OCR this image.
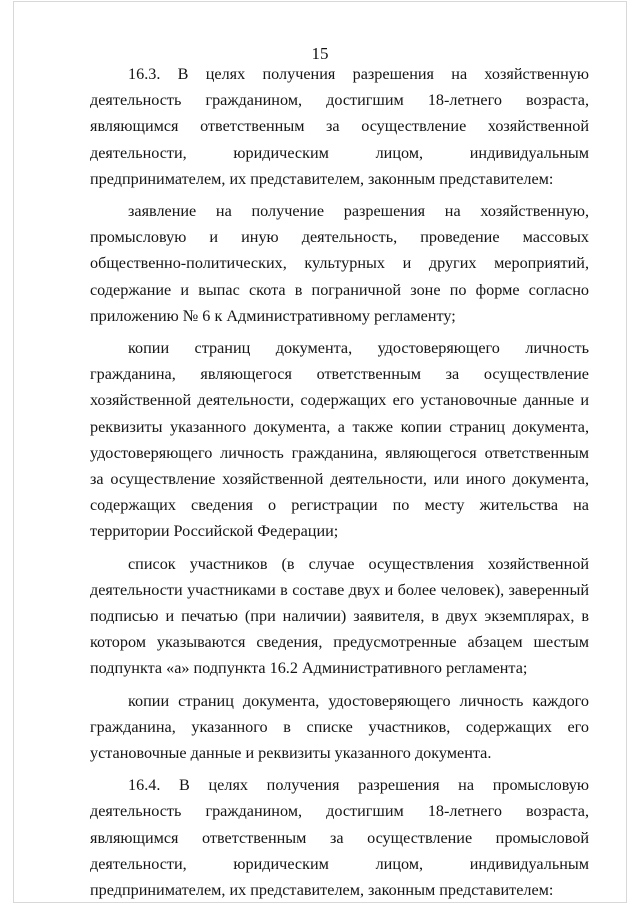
15

16.3. В целях получения разрешения на хозяйственную деятельность гражданином, достигшим 18-летнего возраста, являющимся ответственным за осуществление хозяйственной деятельности, юридическим лицом, индивидуальным предпринимателем, их представителем, законным представителем:

заявление на получение разрешения на хозяйственную, промысловую и иную деятельность, проведение массовых общественно-политических, культурных и других мероприятий, содержание и выпас скота в пограничной зоне по форме согласно приложению № 6 к Административному регламенту;

копии страниц документа, удостоверяющего личность гражданина, являющегося ответственным за осуществление хозяйственной деятельности, содержащих его установочные данные и реквизиты указанного документа, а также копии страниц документа, удостоверяющего личность гражданина, являющегося ответственным за осуществление хозяйственной деятельности, или иного документа, содержащих сведения о регистрации по месту жительства на территории Российской Федерации;

список участников (в случае осуществления хозяйственной деятельности участниками в составе двух и более человек), заверенный подписью и печатью (при наличии) заявителя, в двух экземплярах, в котором указываются сведения, предусмотренные абзацем шестым подпункта «а» подпункта 16.2 Административного регламента;

копии страниц документа, удостоверяющего личность каждого гражданина, указанного в списке участников, содержащих его установочные данные и реквизиты указанного документа.

16.4. В целях получения разрешения на промысловую деятельность гражданином, достигшим 18-летнего возраста, являющимся ответственным за осуществление промысловой деятельности, юридическим лицом, индивидуальным предпринимателем, их представителем, законным представителем:
